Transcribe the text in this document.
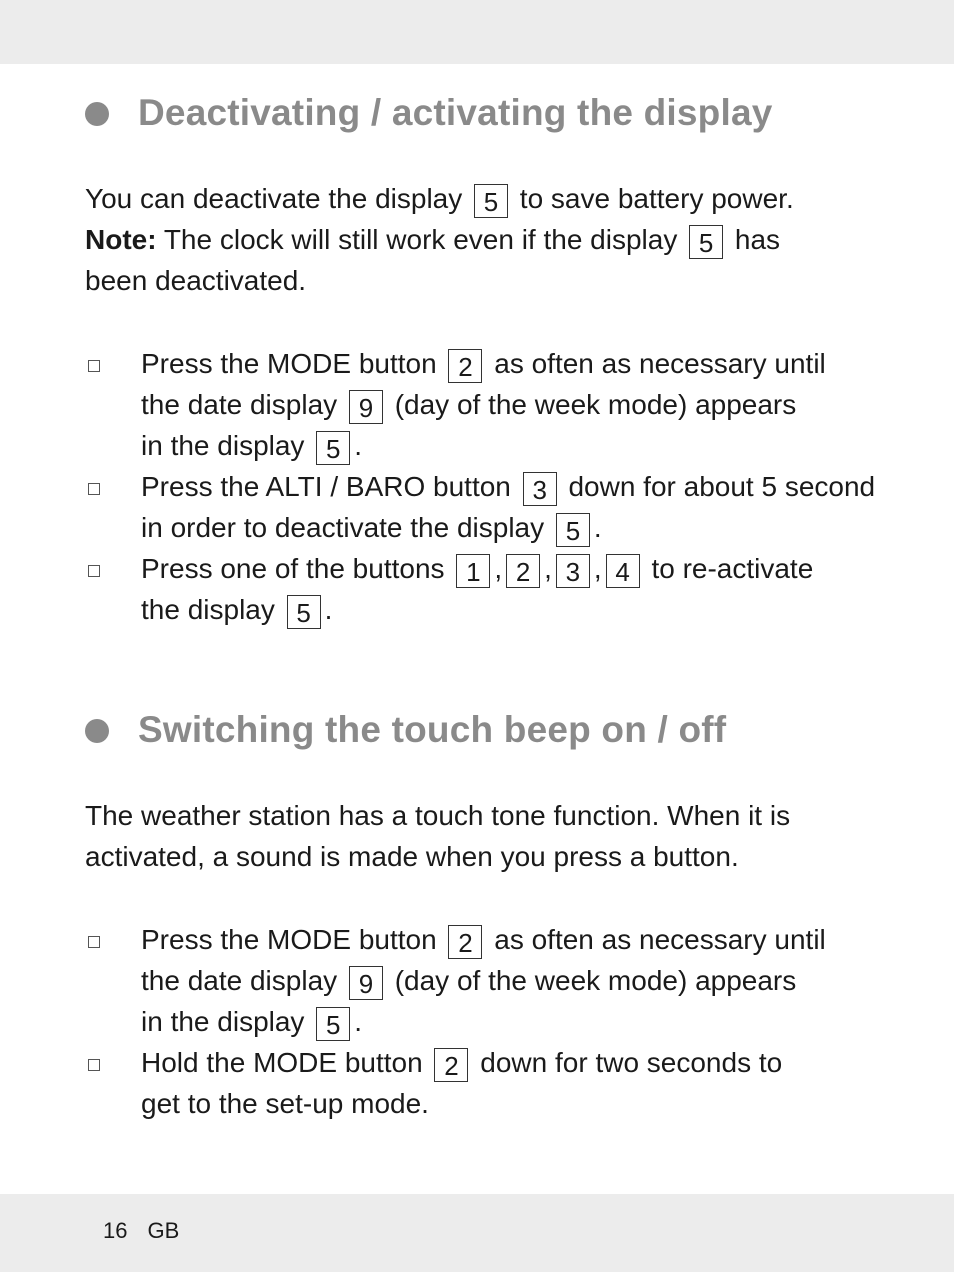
Deactivating / activating the display
You can deactivate the display 5 to save battery power.
Note: The clock will still work even if the display 5 has
been deactivated.
Press the MODE button 2 as often as necessary until
the date display 9 (day of the week mode) appears
in the display 5 .
Press the ALTI / BARO button 3 down for about 5 second
in order to deactivate the display 5 .
Press one of the buttons 1 , 2 , 3 , 4 to re-activate
the display 5 .
Switching the touch beep on / off
The weather station has a touch tone function. When it is
activated, a sound is made when you press a button.
Press the MODE button 2 as often as necessary until
the date display 9 (day of the week mode) appears
in the display 5 .
Hold the MODE button 2 down for two seconds to
get to the set-up mode.
16 GB
